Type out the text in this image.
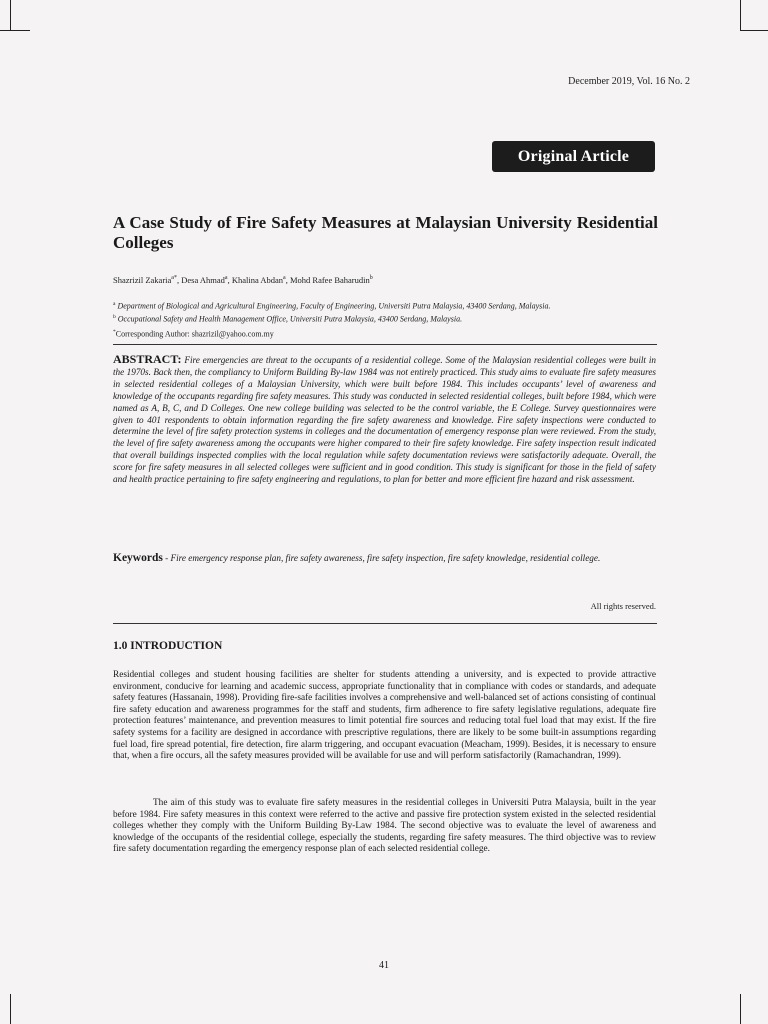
December 2019, Vol. 16 No. 2
Original Article
A Case Study of Fire Safety Measures at Malaysian University Residential Colleges
Shazrizil Zakaria$^{a*}$, Desa Ahmad$^a$, Khalina Abdan$^a$, Mohd Rafee Baharudin$^b$
$^a$ Department of Biological and Agricultural Engineering, Faculty of Engineering, Universiti Putra Malaysia, 43400 Serdang, Malaysia.
$^b$ Occupational Safety and Health Management Office, Universiti Putra Malaysia, 43400 Serdang, Malaysia.
*Corresponding Author: shazrizil@yahoo.com.my

ABSTRACT: Fire emergencies are threat to the occupants of a residential college. Some of the Malaysian residential colleges were built in the 1970s. Back then, the compliancy to Uniform Building By-law 1984 was not entirely practiced. This study aims to evaluate fire safety measures in selected residential colleges of a Malaysian University, which were built before 1984. This includes occupants’ level of awareness and knowledge of the occupants regarding fire safety measures. This study was conducted in selected residential colleges, built before 1984, which were named as A, B, C, and D Colleges. One new college building was selected to be the control variable, the E College. Survey questionnaires were given to 401 respondents to obtain information regarding the fire safety awareness and knowledge. Fire safety inspections were conducted to determine the level of fire safety protection systems in colleges and the documentation of emergency response plan were reviewed. From the study, the level of fire safety awareness among the occupants were higher compared to their fire safety knowledge. Fire safety inspection result indicated that overall buildings inspected complies with the local regulation while safety documentation reviews were satisfactorily adequate. Overall, the score for fire safety measures in all selected colleges were sufficient and in good condition. This study is significant for those in the field of safety and health practice pertaining to fire safety engineering and regulations, to plan for better and more efficient fire hazard and risk assessment.

Keywords - Fire emergency response plan, fire safety awareness, fire safety inspection, fire safety knowledge, residential college.

All rights reserved.
1.0 INTRODUCTION

Residential colleges and student housing facilities are shelter for students attending a university, and is expected to provide attractive environment, conducive for learning and academic success, appropriate functionality that in compliance with codes or standards, and adequate safety features (Hassanain, 1998). Providing fire-safe facilities involves a comprehensive and well-balanced set of actions consisting of continual fire safety education and awareness programmes for the staff and students, firm adherence to fire safety legislative regulations, adequate fire protection features’ maintenance, and prevention measures to limit potential fire sources and reducing total fuel load that may exist. If the fire safety systems for a facility are designed in accordance with prescriptive regulations, there are likely to be some built-in assumptions regarding fuel load, fire spread potential, fire detection, fire alarm triggering, and occupant evacuation (Meacham, 1999). Besides, it is necessary to ensure that, when a fire occurs, all the safety measures provided will be available for use and will perform satisfactorily (Ramachandran, 1999).

The aim of this study was to evaluate fire safety measures in the residential colleges in Universiti Putra Malaysia, built in the year before 1984. Fire safety measures in this context were referred to the active and passive fire protection system existed in the selected residential colleges whether they comply with the Uniform Building By-Law 1984. The second objective was to evaluate the level of awareness and knowledge of the occupants of the residential college, especially the students, regarding fire safety measures. The third objective was to review fire safety documentation regarding the emergency response plan of each selected residential college.

41
